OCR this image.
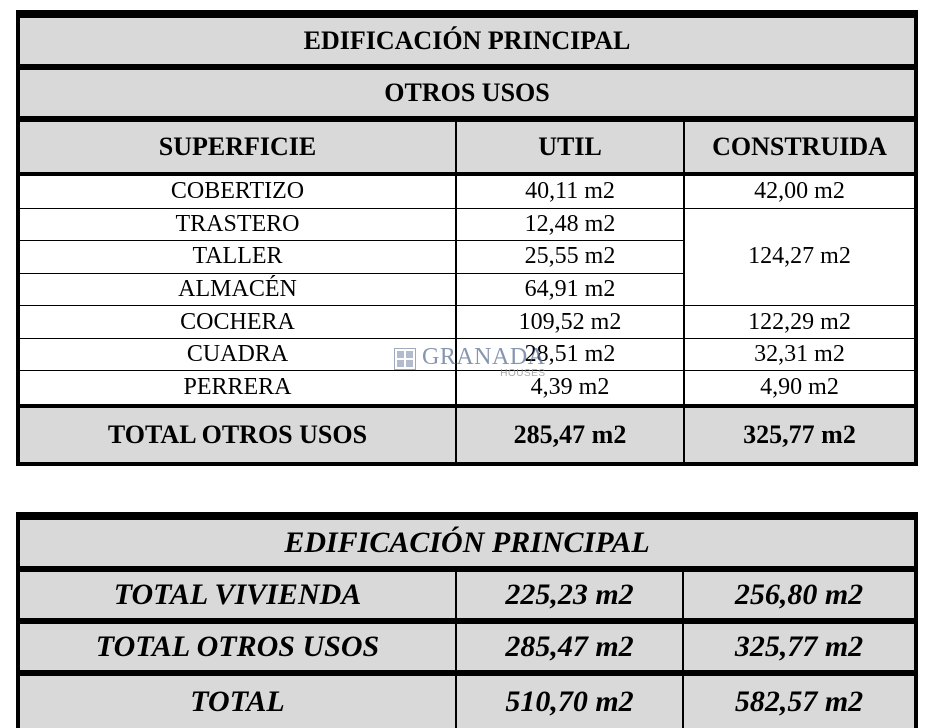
EDIFICACIÓN PRINCIPAL
OTROS USOS
SUPERFICIE	UTIL	CONSTRUIDA
COBERTIZO	40,11 m2	42,00 m2
TRASTERO	12,48 m2
TALLER	25,55 m2	124,27 m2
ALMACÉN	64,91 m2
COCHERA	109,52 m2	122,29 m2
CUADRA	28,51 m2	32,31 m2
PERRERA	4,39 m2	4,90 m2
TOTAL OTROS USOS	285,47 m2	325,77 m2
GRANADA
HOUSES
EDIFICACIÓN PRINCIPAL
TOTAL VIVIENDA	225,23 m2	256,80 m2
TOTAL OTROS USOS	285,47 m2	325,77 m2
TOTAL	510,70 m2	582,57 m2
